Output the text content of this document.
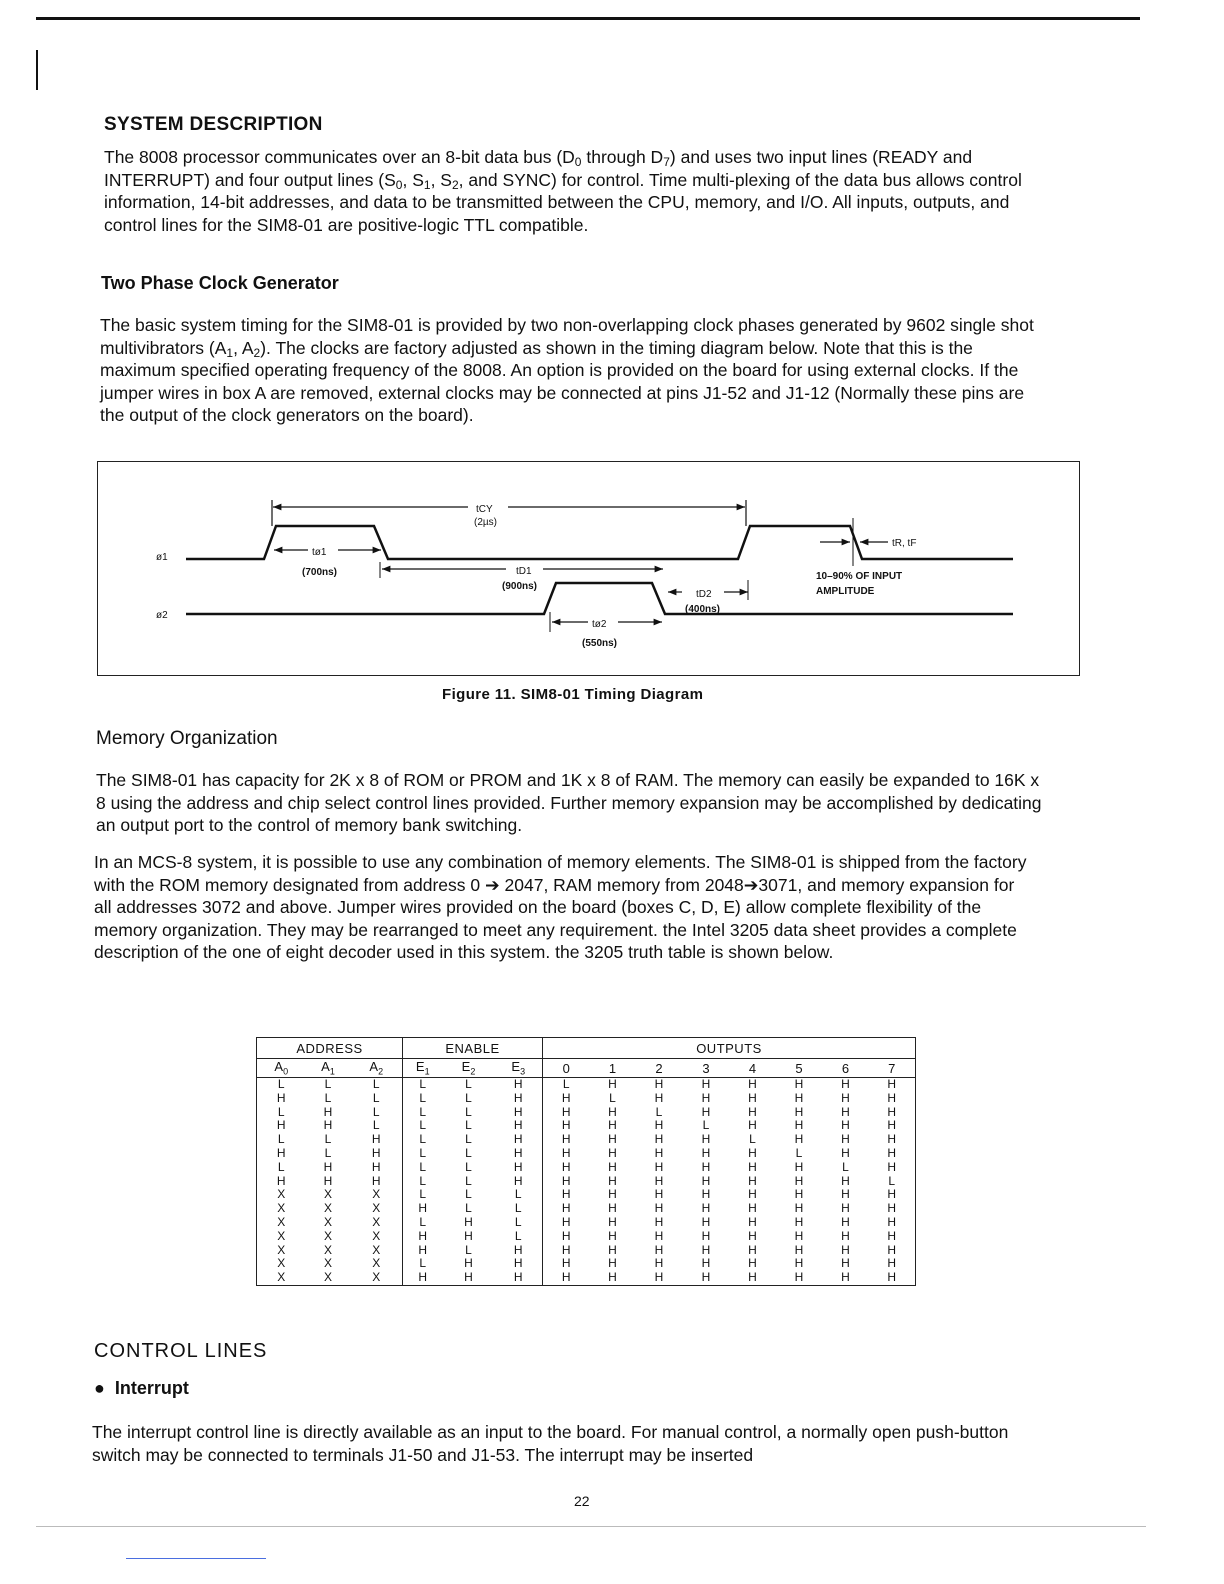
SYSTEM DESCRIPTION

The 8008 processor communicates over an 8-bit data bus ($D_0$ through $D_7$) and uses two input lines (READY and INTERRUPT) and four output lines ($S_0$, $S_1$, $S_2$, and SYNC) for control. Time multi-plexing of the data bus allows control information, 14-bit addresses, and data to be transmitted between the CPU, memory, and I/O. All inputs, outputs, and control lines for the SIM8-01 are positive-logic TTL compatible.

Two Phase Clock Generator

The basic system timing for the SIM8-01 is provided by two non-overlapping clock phases generated by 9602 single shot multivibrators ($A_1$, $A_2$). The clocks are factory adjusted as shown in the timing diagram below. Note that this is the maximum specified operating frequency of the 8008. An option is provided on the board for using external clocks. If the jumper wires in box A are removed, external clocks may be connected at pins J1-52 and J1-12 (Normally these pins are the output of the clock generators on the board).

ø1
ø2
tCY
(2µs)
tø1
(700ns)	tD1
(900ns)
tD2
(400ns)
tø2
(550ns)
tR, tF
10–90% OF INPUT
AMPLITUDE

Figure 11. SIM8-01 Timing Diagram

Memory Organization

The SIM8-01 has capacity for 2K x 8 of ROM or PROM and 1K x 8 of RAM. The memory can easily be expanded to 16K x 8 using the address and chip select control lines provided. Further memory expansion may be accomplished by dedicating an output port to the control of memory bank switching.

In an MCS-8 system, it is possible to use any combination of memory elements. The SIM8-01 is shipped from the factory with the ROM memory designated from address 0 ➔ 2047, RAM memory from 2048➔3071, and memory expansion for all addresses 3072 and above. Jumper wires provided on the board (boxes C, D, E) allow complete flexibility of the memory organization. They may be rearranged to meet any requirement. the Intel 3205 data sheet provides a complete description of the one of eight decoder used in this system. the 3205 truth table is shown below.

ADDRESS			ENABLE			OUTPUTS							
$A_0$	$A_1$	$A_2$	$E_1$	$E_2$	$E_3$	0	1	2	3	4	5	6	7
L	L	L	L	L	H	L	H	H	H	H	H	H	H
H	L	L	L	L	H	H	L	H	H	H	H	H	H
L	H	L	L	L	H	H	H	L	H	H	H	H	H
H	H	L	L	L	H	H	H	H	L	H	H	H	H
L	L	H	L	L	H	H	H	H	H	L	H	H	H
H	L	H	L	L	H	H	H	H	H	H	L	H	H
L	H	H	L	L	H	H	H	H	H	H	H	L	H
H	H	H	L	L	H	H	H	H	H	H	H	H	L
X	X	X	L	L	L	H	H	H	H	H	H	H	H
X	X	X	H	L	L	H	H	H	H	H	H	H	H
X	X	X	L	H	L	H	H	H	H	H	H	H	H
X	X	X	H	H	L	H	H	H	H	H	H	H	H
X	X	X	H	L	H	H	H	H	H	H	H	H	H
X	X	X	L	H	H	H	H	H	H	H	H	H	H
X	X	X	H	H	H	H	H	H	H	H	H	H	H
CONTROL LINES

● Interrupt

The interrupt control line is directly available as an input to the board. For manual control, a normally open push-button switch may be connected to terminals J1-50 and J1-53. The interrupt may be inserted

22
